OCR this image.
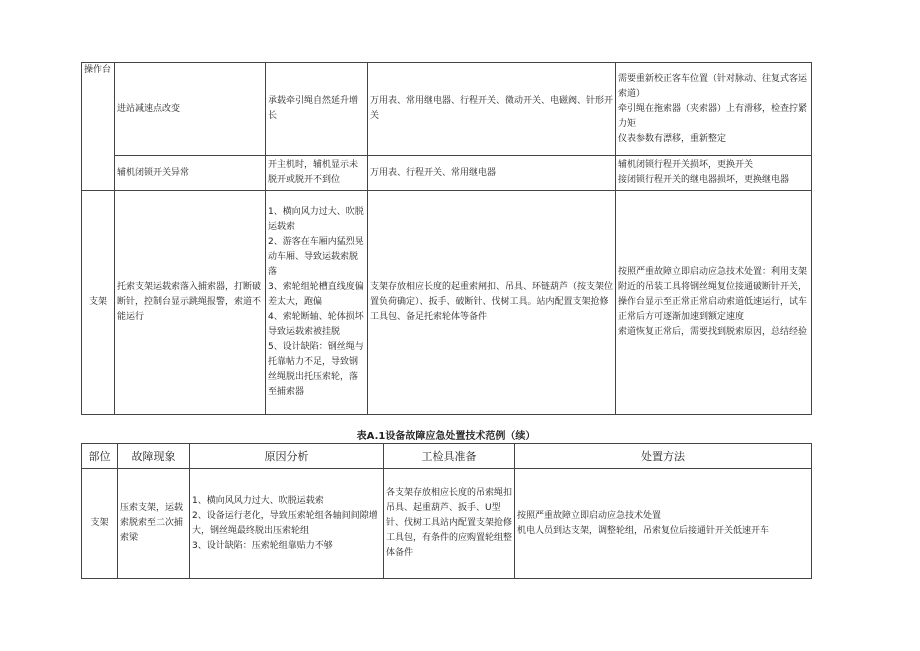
操作台	进站减速点改变	承载牵引绳自然延升增长	万用表、常用继电器、行程开关、微动开关、电磁阀、针形开关	需要重新校正客车位置（针对脉动、往复式客运索道）
牵引绳在拖索器（夹索器）上有滑移，检查拧紧力矩
仪表参数有漂移，重新整定
	辅机闭锁开关异常	开主机时，辅机显示未脱开或脱开不到位	万用表、行程开关、常用继电器	辅机闭锁行程开关损坏，更换开关
接闭锁行程开关的继电器损坏，更换继电器
支架	托索支架运载索落入捕索器，打断破断针，控制台显示跳绳报警，索道不能运行	1、横向风力过大、吹脱运载索
2、游客在车厢内猛烈晃动车厢、导致运载索脱落
3、索轮组轮槽直线度偏差太大，跑偏
4、索轮断轴、轮体损坏导致运载索被挂脱
5、设计缺陷：钢丝绳与托靠帖力不足，导致钢丝绳脱出托压索轮，落至捕索器	支架存放相应长度的起重索闸扣、吊具、环链葫芦（按支架位置负荷确定）、扳手、破断针、伐树工具。站内配置支架抢修工具包、备足托索轮体等备件	按照严重故障立即启动应急技术处置：利用支架附近的吊装工具将钢丝绳复位接通破断针开关，操作台显示至正常正常启动索道低速运行，试车正常后方可逐渐加速到额定速度
索道恢复正常后，需要找到脱索原因，总结经验
表A.1设备故障应急处置技术范例（续）
部位	故障现象	原因分析	工检具准备	处置方法
支架	压索支架，运载索脱索至二次捕索梁	1、横向风风力过大、吹脱运载索
2、设备运行老化，导致压索轮组各轴间间隙增大，钢丝绳最终脱出压索轮组
3、设计缺陷：压索轮组靠贴力不够	各支架存放相应长度的吊索绳扣吊具、起重葫芦、扳手、U型针、伐树工具站内配置支架抢修工具包，有条件的应购置轮组整体备件	按照严重故障立即启动应急技术处置
机电人员到达支架，调整轮组，吊索复位后接通针开关低速开车
